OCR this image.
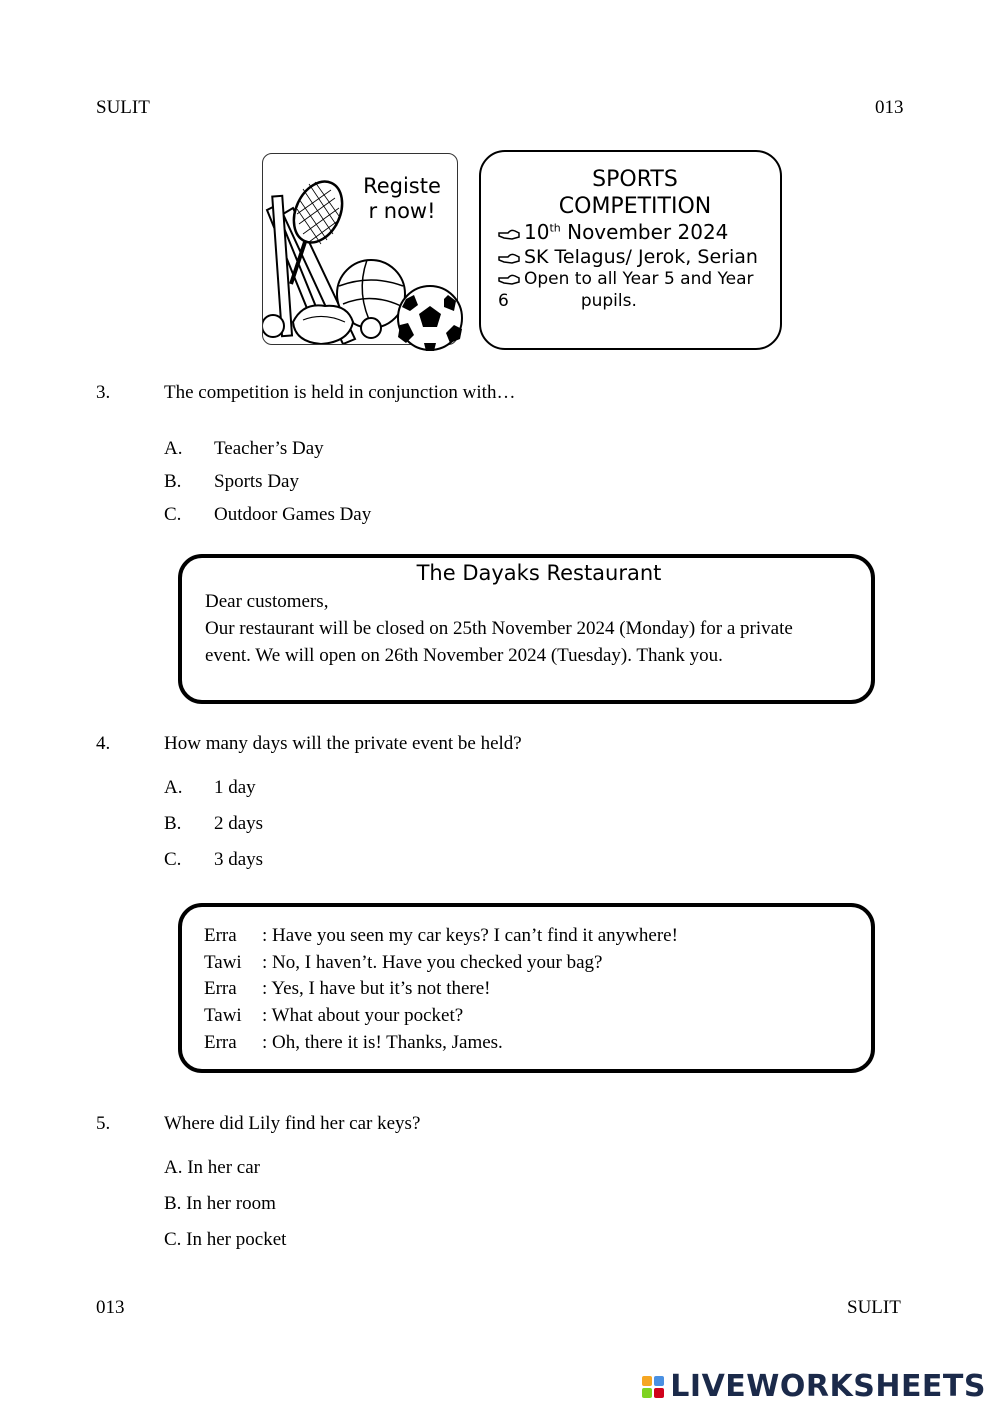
SULIT	013
Registe
r now!
SPORTS
COMPETITION
10th November 2024
SK Telagus/ Jerok, Serian
Open to all Year 5 and Year
6	pupils.
3.	The competition is held in conjunction with…
A. Teacher’s Day
B. Sports Day
C. Outdoor Games Day
The Dayaks Restaurant
Dear customers,
Our restaurant will be closed on 25th November 2024 (Monday) for a private
event. We will open on 26th November 2024 (Tuesday). Thank you.
4.	How many days will the private event be held?
A. 1 day
B. 2 days
C. 3 days
Erra : Have you seen my car keys? I can’t find it anywhere!
Tawi : No, I haven’t. Have you checked your bag?
Erra : Yes, I have but it’s not there!
Tawi : What about your pocket?
Erra : Oh, there it is! Thanks, James.
5.	Where did Lily find her car keys?
A. In her car
B. In her room
C. In her pocket
013	SULIT
LIVEWORKSHEETS
